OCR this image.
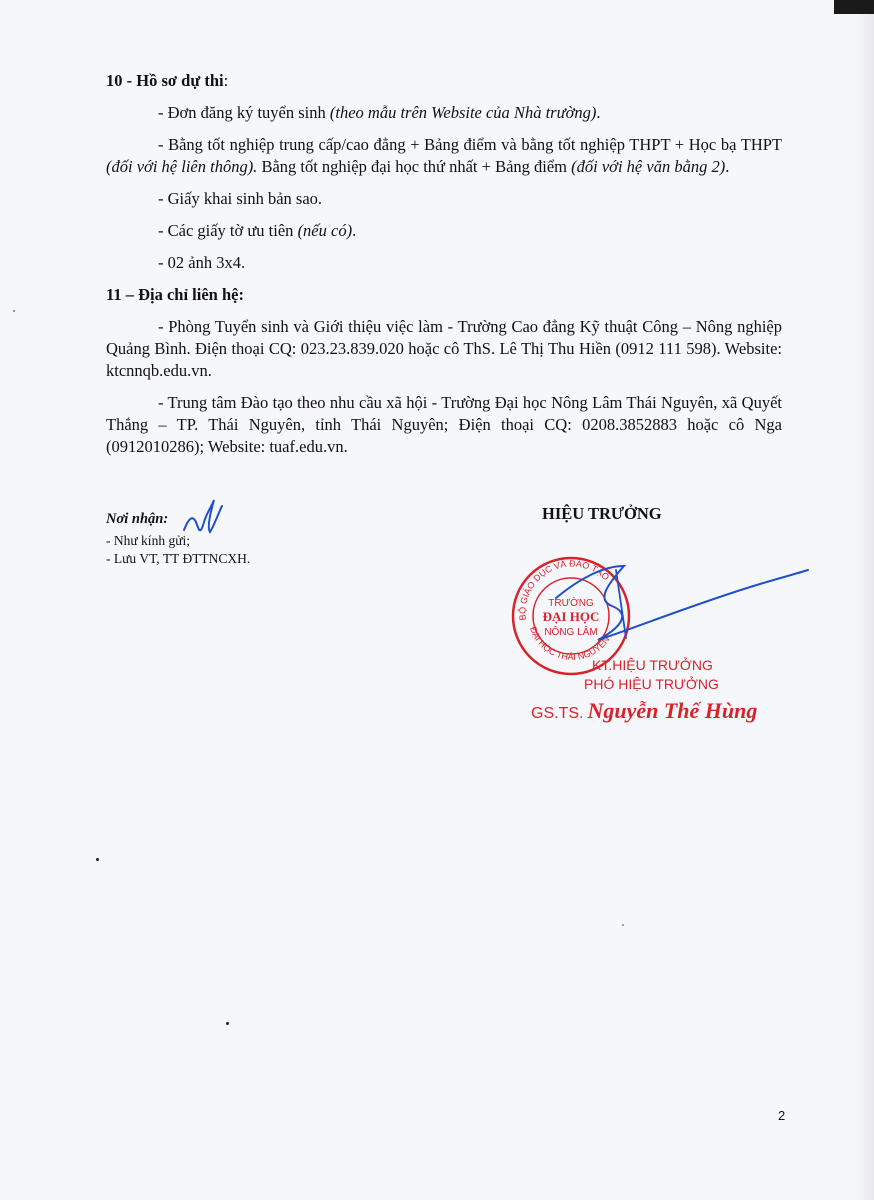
10 - Hồ sơ dự thi:
- Đơn đăng ký tuyển sinh (theo mẫu trên Website của Nhà trường).
- Bằng tốt nghiệp trung cấp/cao đẳng + Bảng điểm và bằng tốt nghiệp THPT + Học bạ THPT (đối với hệ liên thông). Bằng tốt nghiệp đại học thứ nhất + Bảng điểm (đối với hệ văn bằng 2).
- Giấy khai sinh bản sao.
- Các giấy tờ ưu tiên (nếu có).
- 02 ảnh 3x4.
11 – Địa chỉ liên hệ:
- Phòng Tuyển sinh và Giới thiệu việc làm - Trường Cao đẳng Kỹ thuật Công – Nông nghiệp Quảng Bình. Điện thoại CQ: 023.23.839.020 hoặc cô ThS. Lê Thị Thu Hiền (0912 111 598). Website: ktcnnqb.edu.vn.
- Trung tâm Đào tạo theo nhu cầu xã hội - Trường Đại học Nông Lâm Thái Nguyên, xã Quyết Thắng – TP. Thái Nguyên, tỉnh Thái Nguyên; Điện thoại CQ: 0208.3852883 hoặc cô Nga (0912010286); Website: tuaf.edu.vn.
Nơi nhận:
- Như kính gửi;
- Lưu VT, TT ĐTTNCXH.
HIỆU TRƯỞNG
BỘ GIÁO DỤC VÀ ĐÀO TẠO
ĐẠI HỌC THÁI NGUYÊN
TRƯỜNG
ĐẠI HỌC
NÔNG LÂM
KT.HIỆU TRƯỞNG
PHÓ HIỆU TRƯỞNG
GS.TS. Nguyễn Thế Hùng
2
